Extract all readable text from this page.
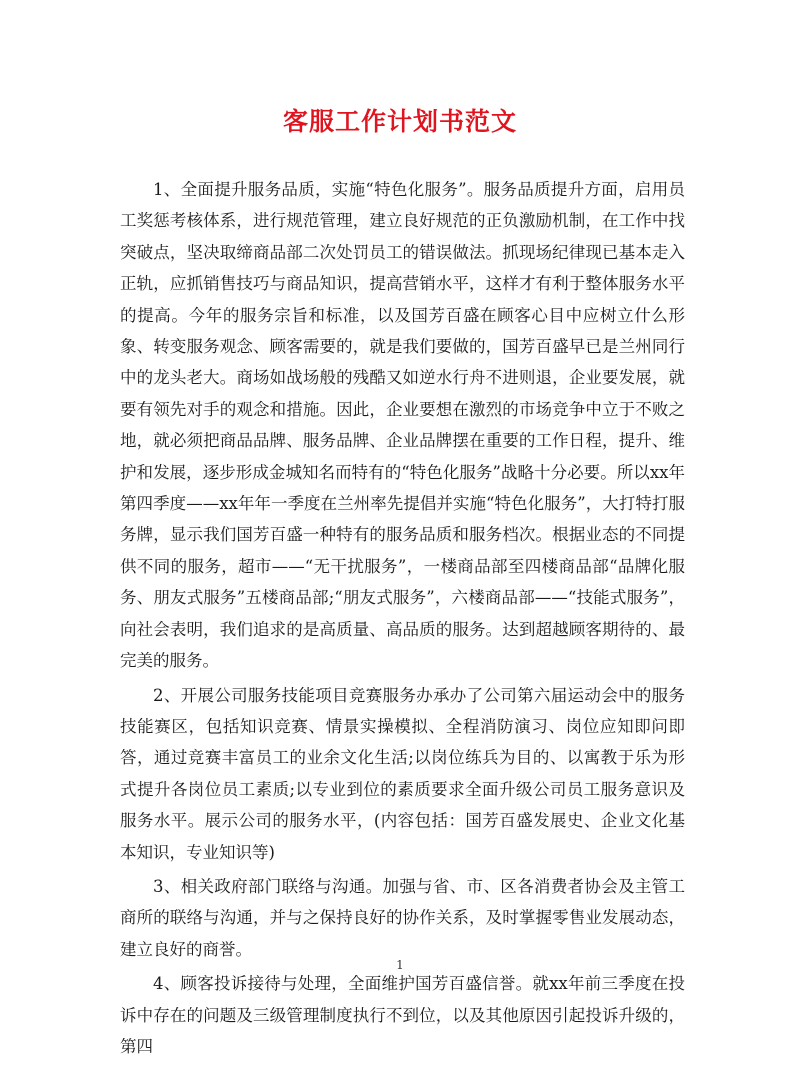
客服工作计划书范文

1、全面提升服务品质，实施“特色化服务”。服务品质提升方面，启用员工奖惩考核体系，进行规范管理，建立良好规范的正负激励机制，在工作中找突破点，坚决取缔商品部二次处罚员工的错误做法。抓现场纪律现已基本走入正轨，应抓销售技巧与商品知识，提高营销水平，这样才有利于整体服务水平的提高。今年的服务宗旨和标准，以及国芳百盛在顾客心目中应树立什么形象、转变服务观念、顾客需要的，就是我们要做的，国芳百盛早已是兰州同行中的龙头老大。商场如战场般的残酷又如逆水行舟不进则退，企业要发展，就要有领先对手的观念和措施。因此，企业要想在激烈的市场竞争中立于不败之地，就必须把商品品牌、服务品牌、企业品牌摆在重要的工作日程，提升、维护和发展，逐步形成金城知名而特有的“特色化服务”战略十分必要。所以xx年第四季度——xx年年一季度在兰州率先提倡并实施“特色化服务”，大打特打服务牌，显示我们国芳百盛一种特有的服务品质和服务档次。根据业态的不同提供不同的服务，超市——“无干扰服务”，一楼商品部至四楼商品部“品牌化服务、朋友式服务”五楼商品部;“朋友式服务”，六楼商品部——“技能式服务”，向社会表明，我们追求的是高质量、高品质的服务。达到超越顾客期待的、最完美的服务。

2、开展公司服务技能项目竞赛服务办承办了公司第六届运动会中的服务技能赛区，包括知识竞赛、情景实操模拟、全程消防演习、岗位应知即问即答，通过竞赛丰富员工的业余文化生活;以岗位练兵为目的、以寓教于乐为形式提升各岗位员工素质;以专业到位的素质要求全面升级公司员工服务意识及服务水平。展示公司的服务水平，(内容包括：国芳百盛发展史、企业文化基本知识，专业知识等)

3、相关政府部门联络与沟通。加强与省、市、区各消费者协会及主管工商所的联络与沟通，并与之保持良好的协作关系，及时掌握零售业发展动态，建立良好的商誉。

4、顾客投诉接待与处理，全面维护国芳百盛信誉。就xx年前三季度在投诉中存在的问题及三级管理制度执行不到位，以及其他原因引起投诉升级的，第四

1
